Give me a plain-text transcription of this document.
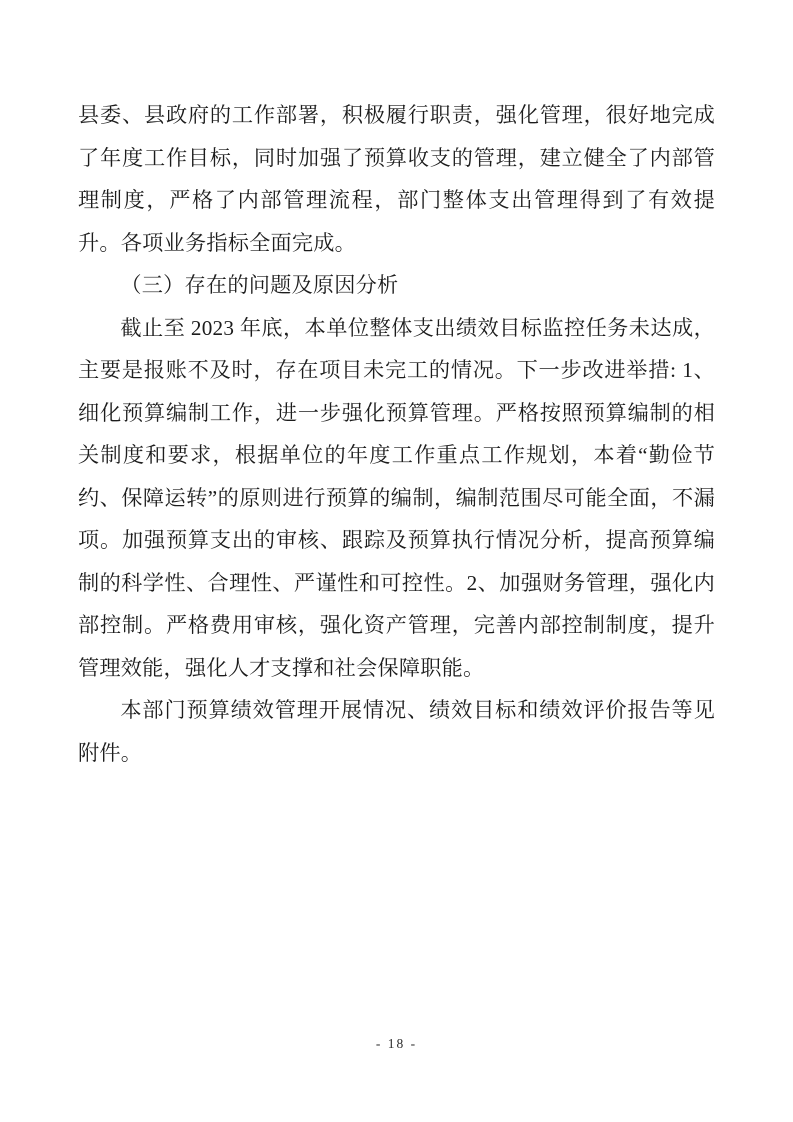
县委、县政府的工作部署，积极履行职责，强化管理，很好地完成了年度工作目标，同时加强了预算收支的管理，建立健全了内部管理制度，严格了内部管理流程，部门整体支出管理得到了有效提升。各项业务指标全面完成。

（三）存在的问题及原因分析

截止至 2023 年底，本单位整体支出绩效目标监控任务未达成，主要是报账不及时，存在项目未完工的情况。下一步改进举措: 1、细化预算编制工作，进一步强化预算管理。严格按照预算编制的相关制度和要求，根据单位的年度工作重点工作规划，本着“勤俭节约、保障运转”的原则进行预算的编制，编制范围尽可能全面，不漏项。加强预算支出的审核、跟踪及预算执行情况分析，提高预算编制的科学性、合理性、严谨性和可控性。2、加强财务管理，强化内部控制。严格费用审核，强化资产管理，完善内部控制制度，提升管理效能，强化人才支撑和社会保障职能。

本部门预算绩效管理开展情况、绩效目标和绩效评价报告等见附件。

- 18 -
